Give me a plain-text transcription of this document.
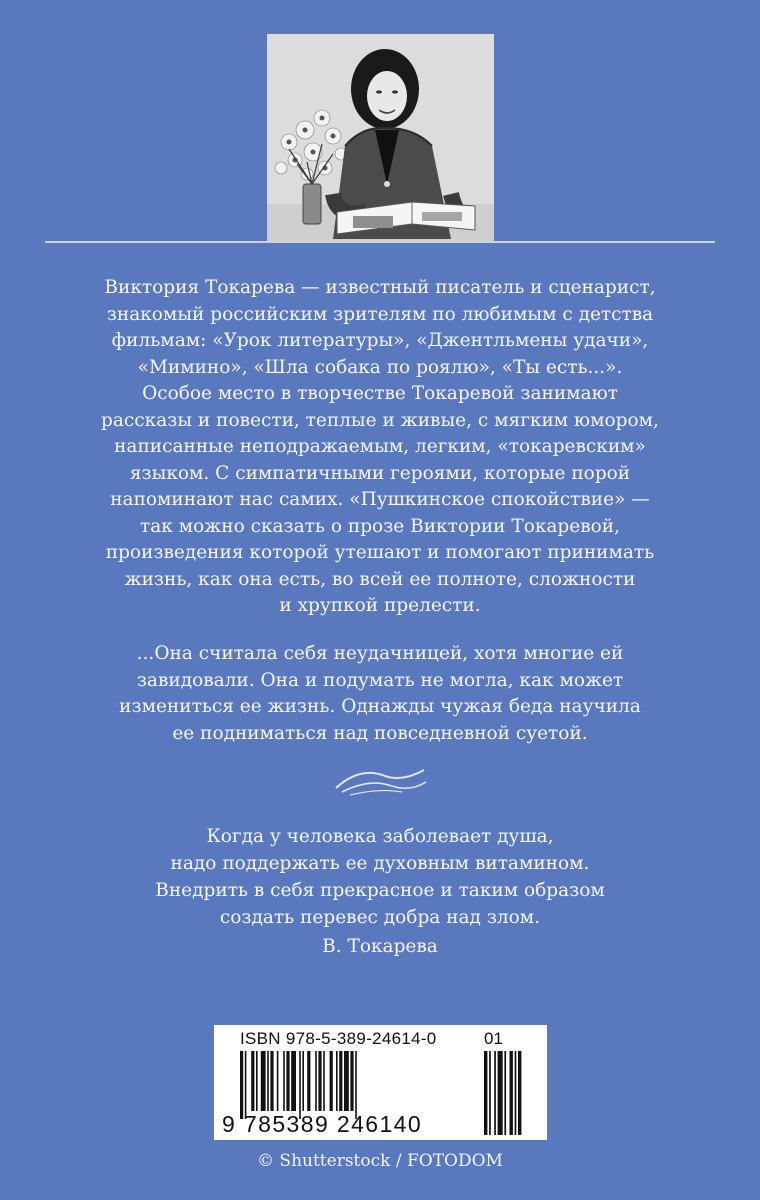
Виктория Токарева — известный писатель и сценарист,
знакомый российским зрителям по любимым с детства
фильмам: «Урок литературы», «Джентльмены удачи»,
«Мимино», «Шла собака по роялю», «Ты есть...».
Особое место в творчестве Токаревой занимают
рассказы и повести, теплые и живые, с мягким юмором,
написанные неподражаемым, легким, «токаревским»
языком. С симпатичными героями, которые порой
напоминают нас самих. «Пушкинское спокойствие» —
так можно сказать о прозе Виктории Токаревой,
произведения которой утешают и помогают принимать
жизнь, как она есть, во всей ее полноте, сложности
и хрупкой прелести.
...Она считала себя неудачницей, хотя многие ей
завидовали. Она и подумать не могла, как может
измениться ее жизнь. Однажды чужая беда научила
ее подниматься над повседневной суетой.
Когда у человека заболевает душа,
надо поддержать ее духовным витамином.
Внедрить в себя прекрасное и таким образом
создать перевес добра над злом.
В. Токарева
ISBN 978-5-389-24614-0	01
9 785389 246140
© Shutterstock / FOTODOM
